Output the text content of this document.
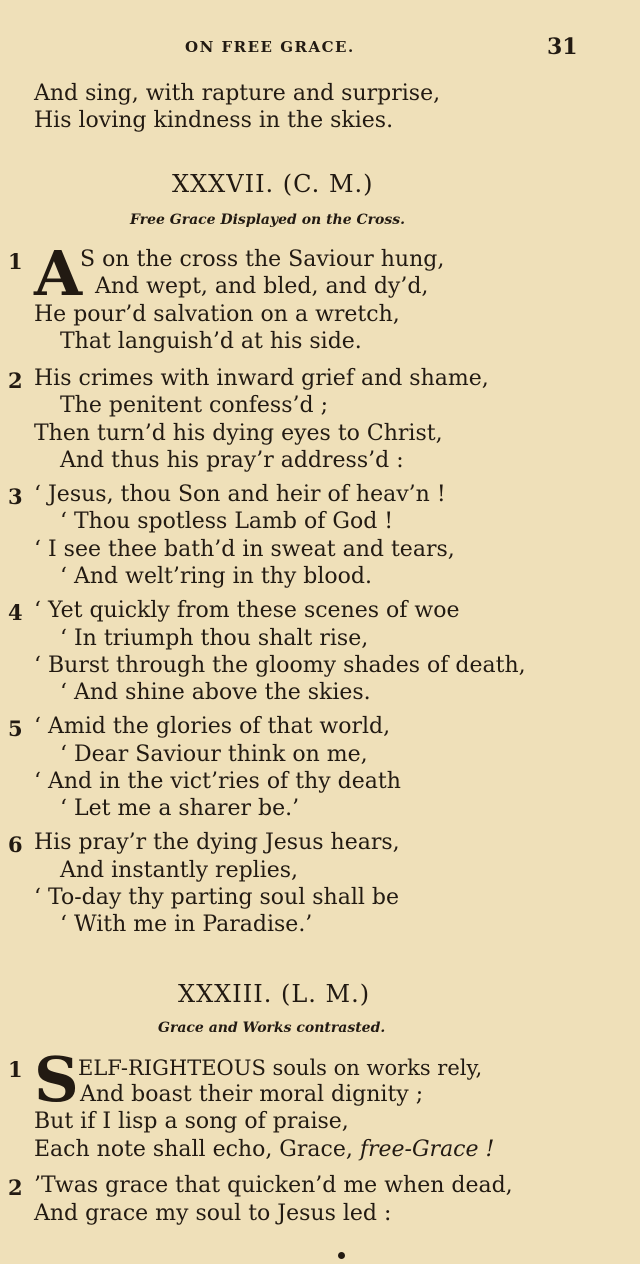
ON FREE GRACE.	31
And sing, with rapture and surprise,
His loving kindness in the skies.
XXXVII. (C. M.)
Free Grace Displayed on the Cross.
1 A
S on the cross the Saviour hung,
And wept, and bled, and dy’d,
He pour’d salvation on a wretch,
That languish’d at his side.
2 His crimes with inward grief and shame,
The penitent confess’d ;
Then turn’d his dying eyes to Christ,
And thus his pray’r address’d :
3 ‘ Jesus, thou Son and heir of heav’n !
‘ Thou spotless Lamb of God !
‘ I see thee bath’d in sweat and tears,
‘ And welt’ring in thy blood.
4 ‘ Yet quickly from these scenes of woe
‘ In triumph thou shalt rise,
‘ Burst through the gloomy shades of death,
‘ And shine above the skies.
5 ‘ Amid the glories of that world,
‘ Dear Saviour think on me,
‘ And in the vict’ries of thy death
‘ Let me a sharer be.’
6 His pray’r the dying Jesus hears,
And instantly replies,
‘ To-day thy parting soul shall be
‘ With me in Paradise.’
XXXIII. (L. M.)
Grace and Works contrasted.
1 S ELF-RIGHTEOUS souls on works rely,
And boast their moral dignity ;
But if I lisp a song of praise,
Each note shall echo, Grace, free-Grace !
2 ’Twas grace that quicken’d me when dead,
And grace my soul to Jesus led :
